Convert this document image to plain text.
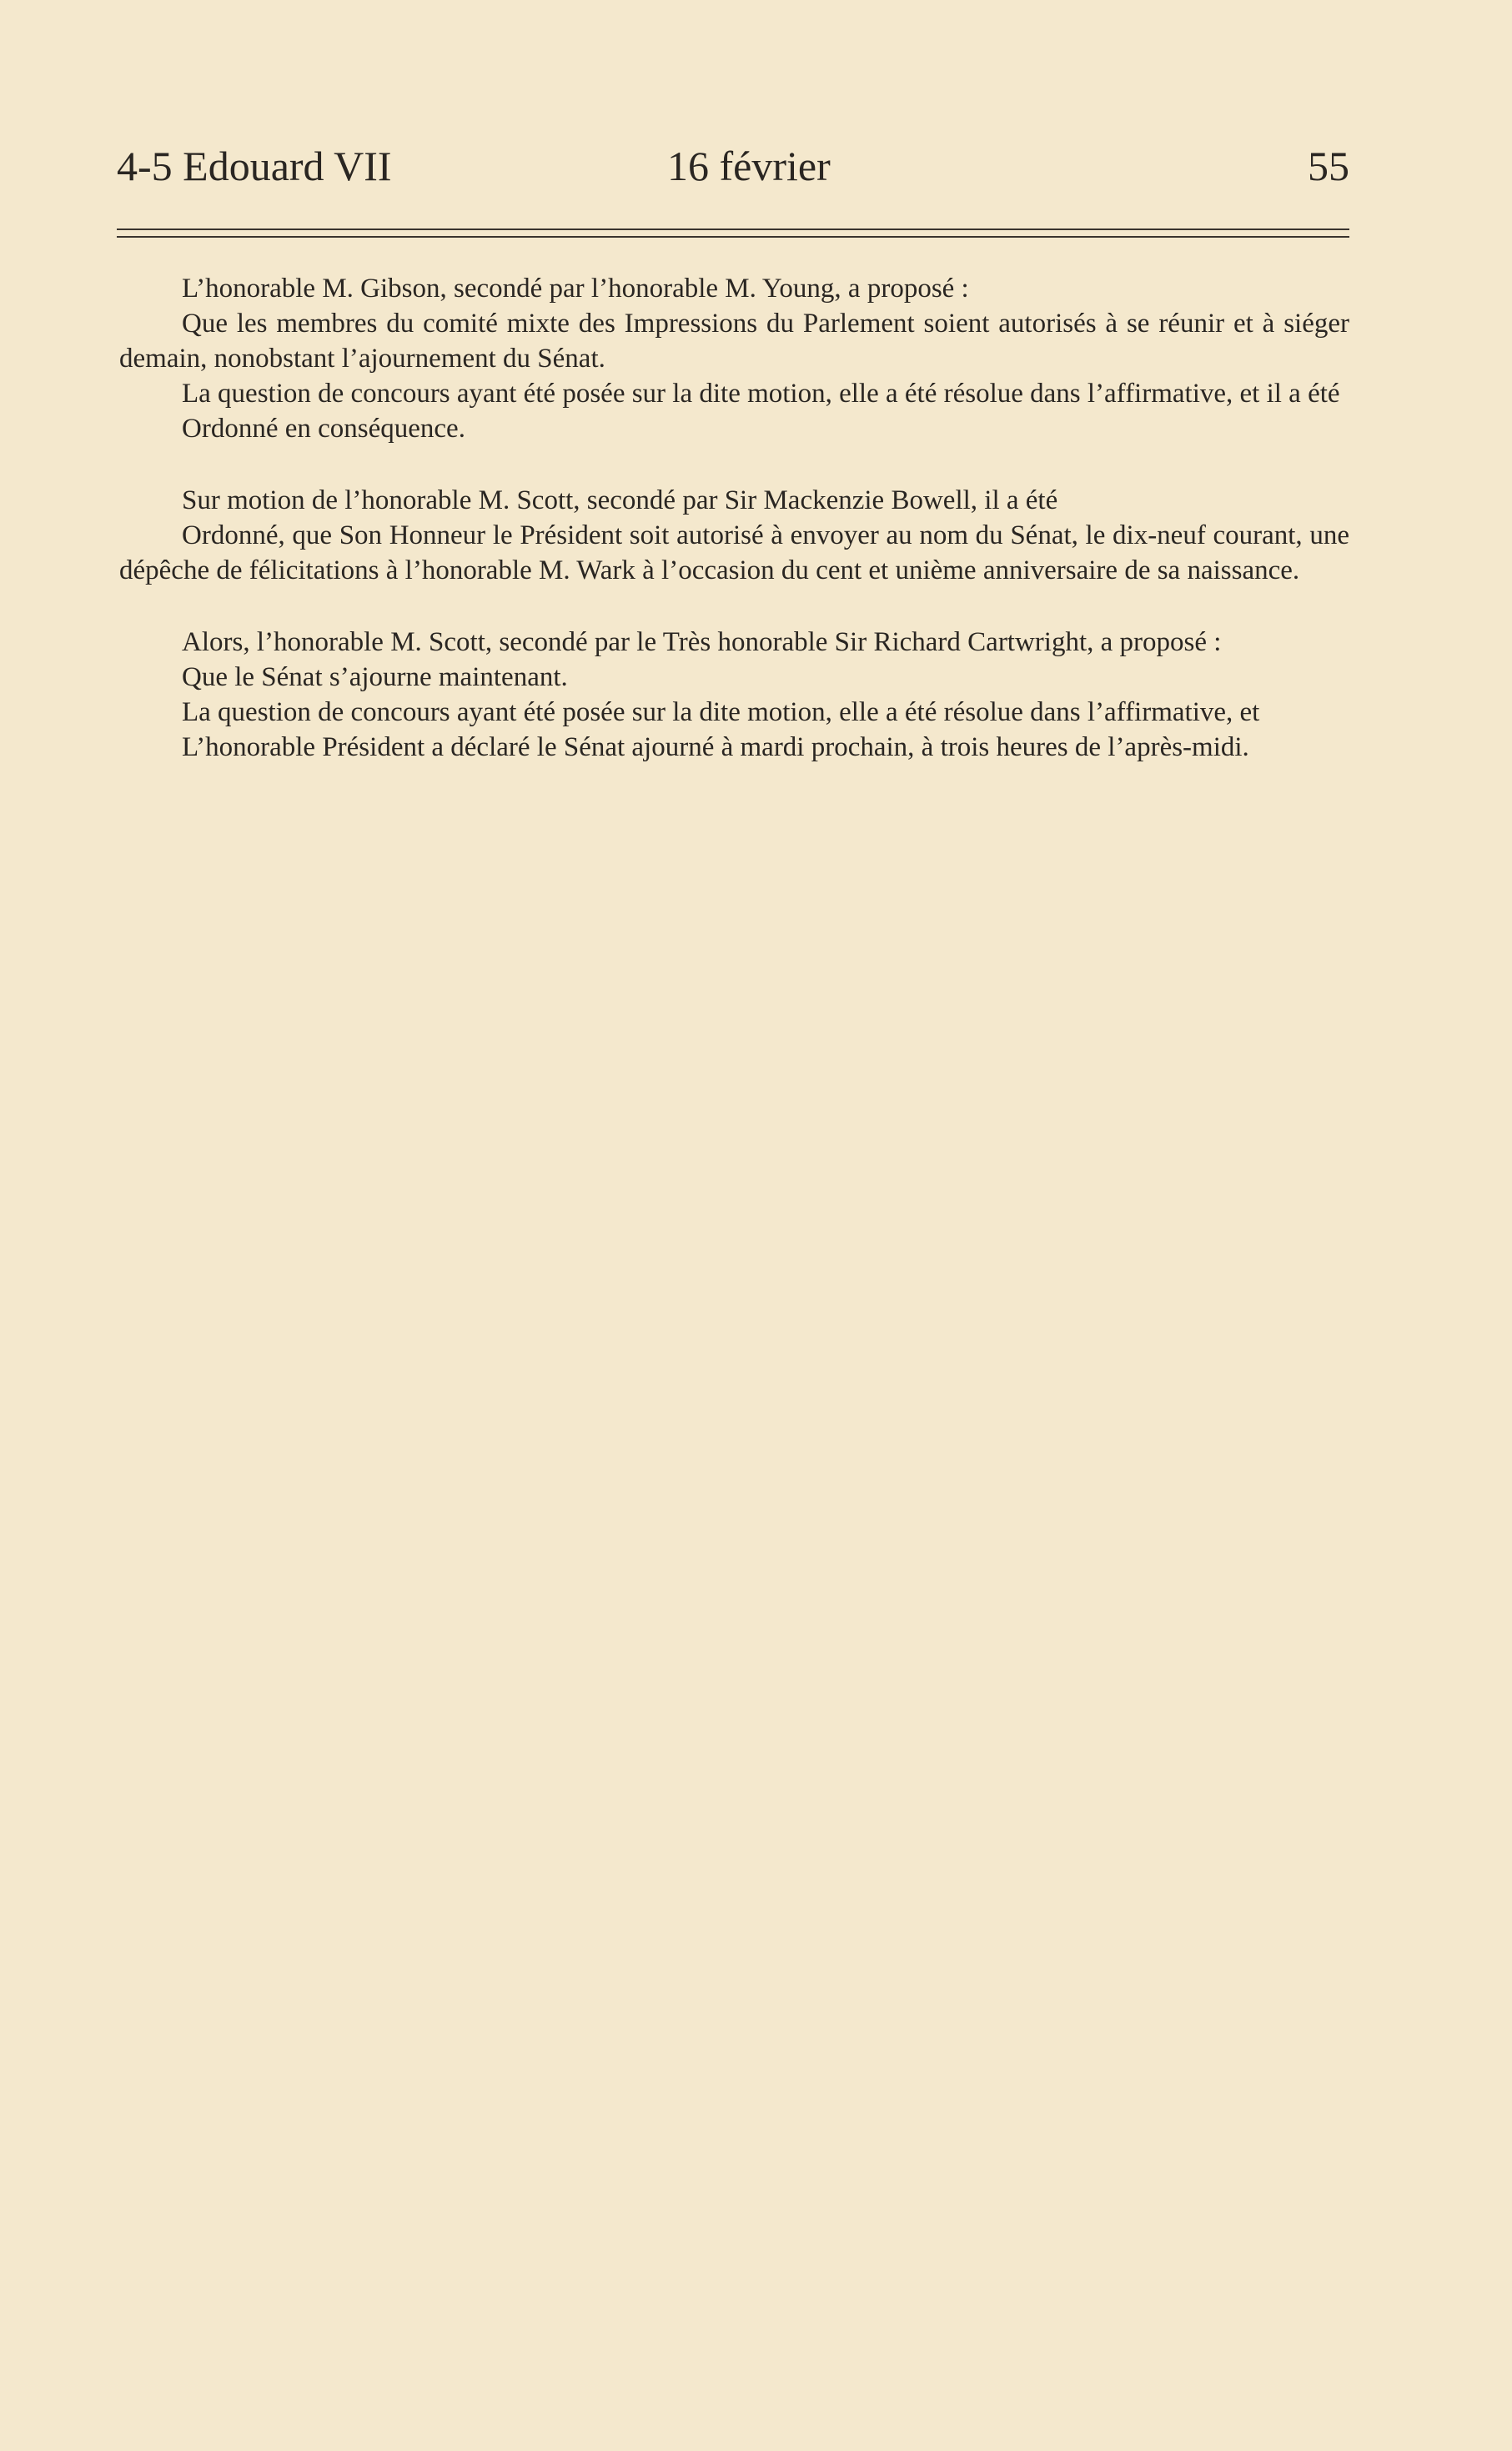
4-5 Edouard VII	16 février	55

L’honorable M. Gibson, secondé par l’honorable M. Young, a proposé :

Que les membres du comité mixte des Impressions du Parlement soient autorisés à se réunir et à siéger demain, nonobstant l’ajournement du Sénat.

La question de concours ayant été posée sur la dite motion, elle a été résolue dans l’affirmative, et il a été

Ordonné en conséquence.

Sur motion de l’honorable M. Scott, secondé par Sir Mackenzie Bowell, il a été

Ordonné, que Son Honneur le Président soit autorisé à envoyer au nom du Sénat, le dix-neuf courant, une dépêche de félicitations à l’honorable M. Wark à l’occasion du cent et unième anniversaire de sa naissance.

Alors, l’honorable M. Scott, secondé par le Très honorable Sir Richard Cartwright, a proposé :

Que le Sénat s’ajourne maintenant.

La question de concours ayant été posée sur la dite motion, elle a été résolue dans l’affirmative, et

L’honorable Président a déclaré le Sénat ajourné à mardi prochain, à trois heures de l’après-midi.
